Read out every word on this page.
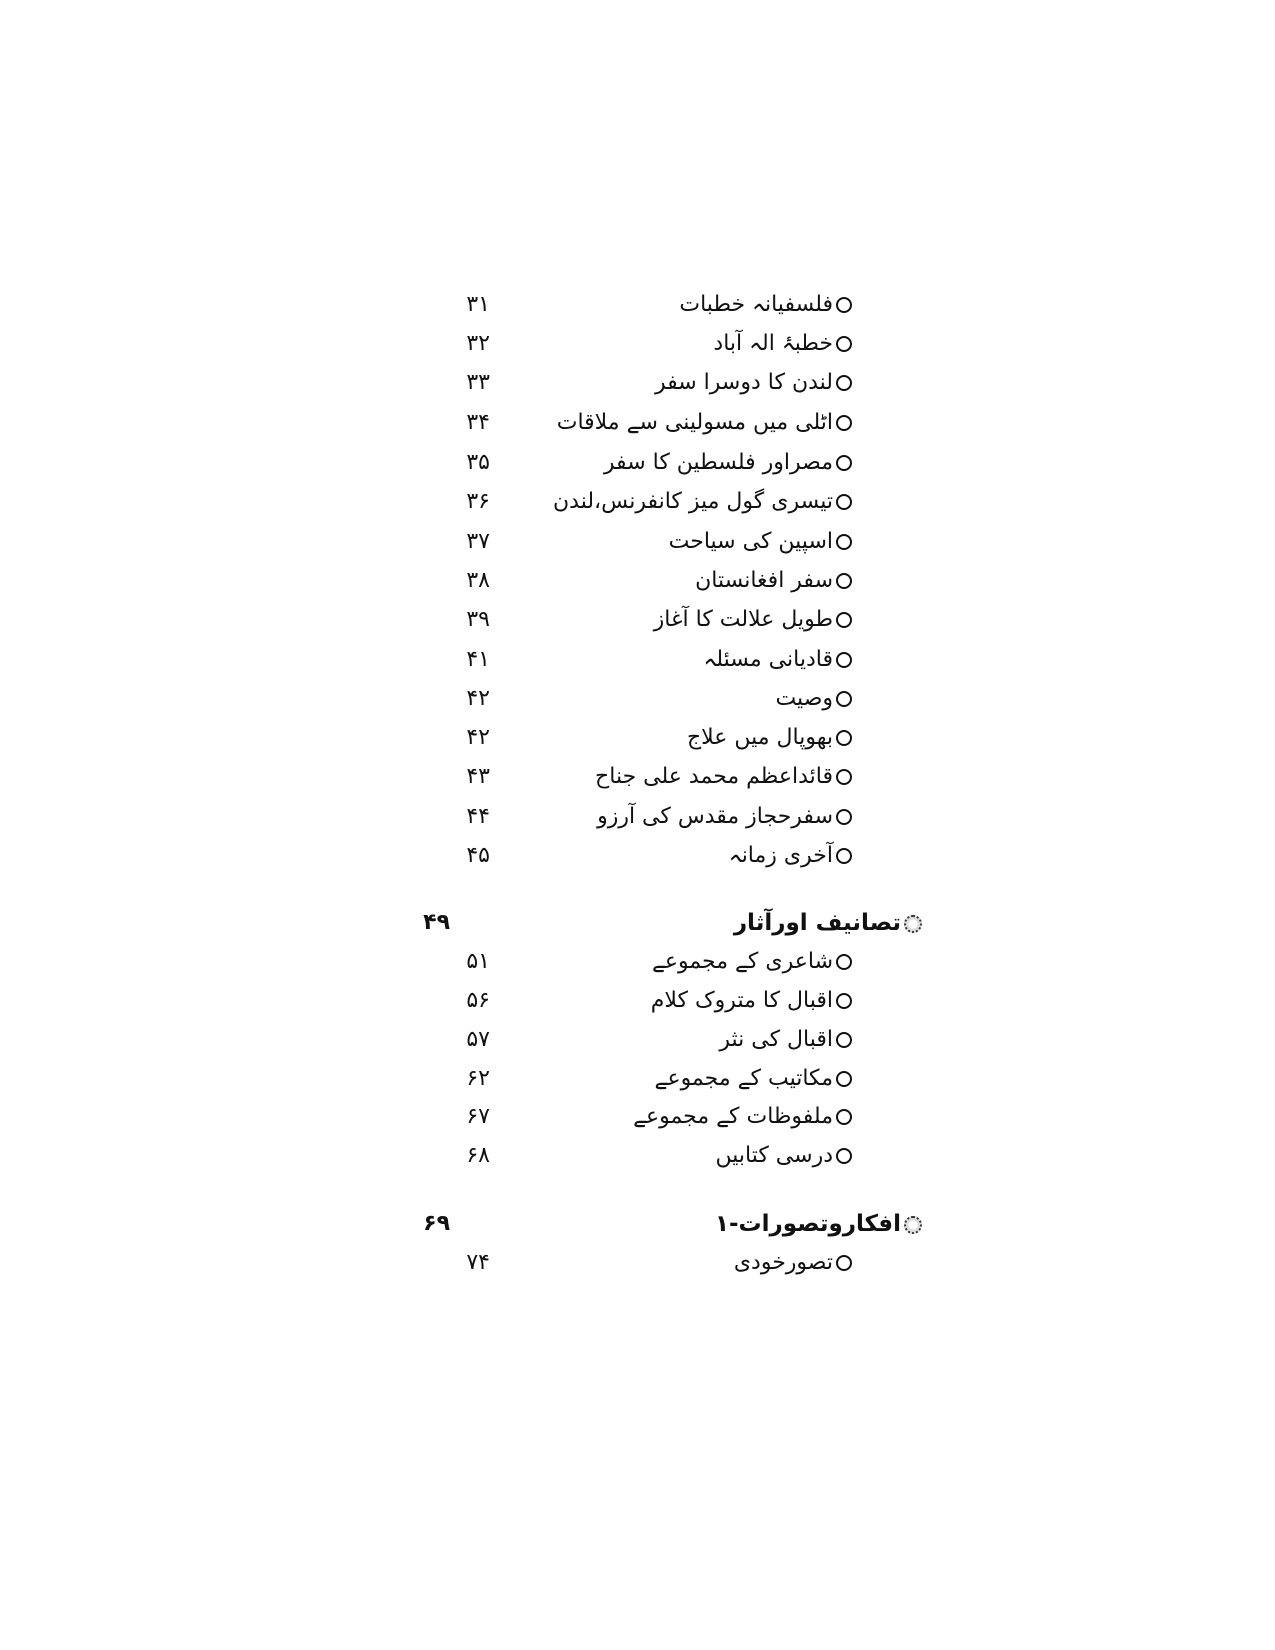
فلسفیانہ خطبات
۳۱
خطبۂ الہ آباد
۳۲
لندن کا دوسرا سفر
۳۳
اٹلی میں مسولینی سے ملاقات
۳۴
مصراور فلسطین کا سفر
۳۵
تیسری گول میز کانفرنس،لندن
۳۶
اسپین کی سیاحت
۳۷
سفر افغانستان
۳۸
طویل علالت کا آغاز
۳۹
قادیانی مسئلہ
۴۱
وصیت
۴۲
بھوپال میں علاج
۴۲
قائداعظم محمد علی جناح
۴۳
سفرحجاز مقدس کی آرزو
۴۴
آخری زمانہ
۴۵
تصانیف اورآثار
۴۹
شاعری کے مجموعے
۵۱
اقبال کا متروک کلام
۵۶
اقبال کی نثر
۵۷
مکاتیب کے مجموعے
۶۲
ملفوظات کے مجموعے
۶۷
درسی کتابیں
۶۸
افکاروتصورات-۱
۶۹
تصورخودی
۷۴
